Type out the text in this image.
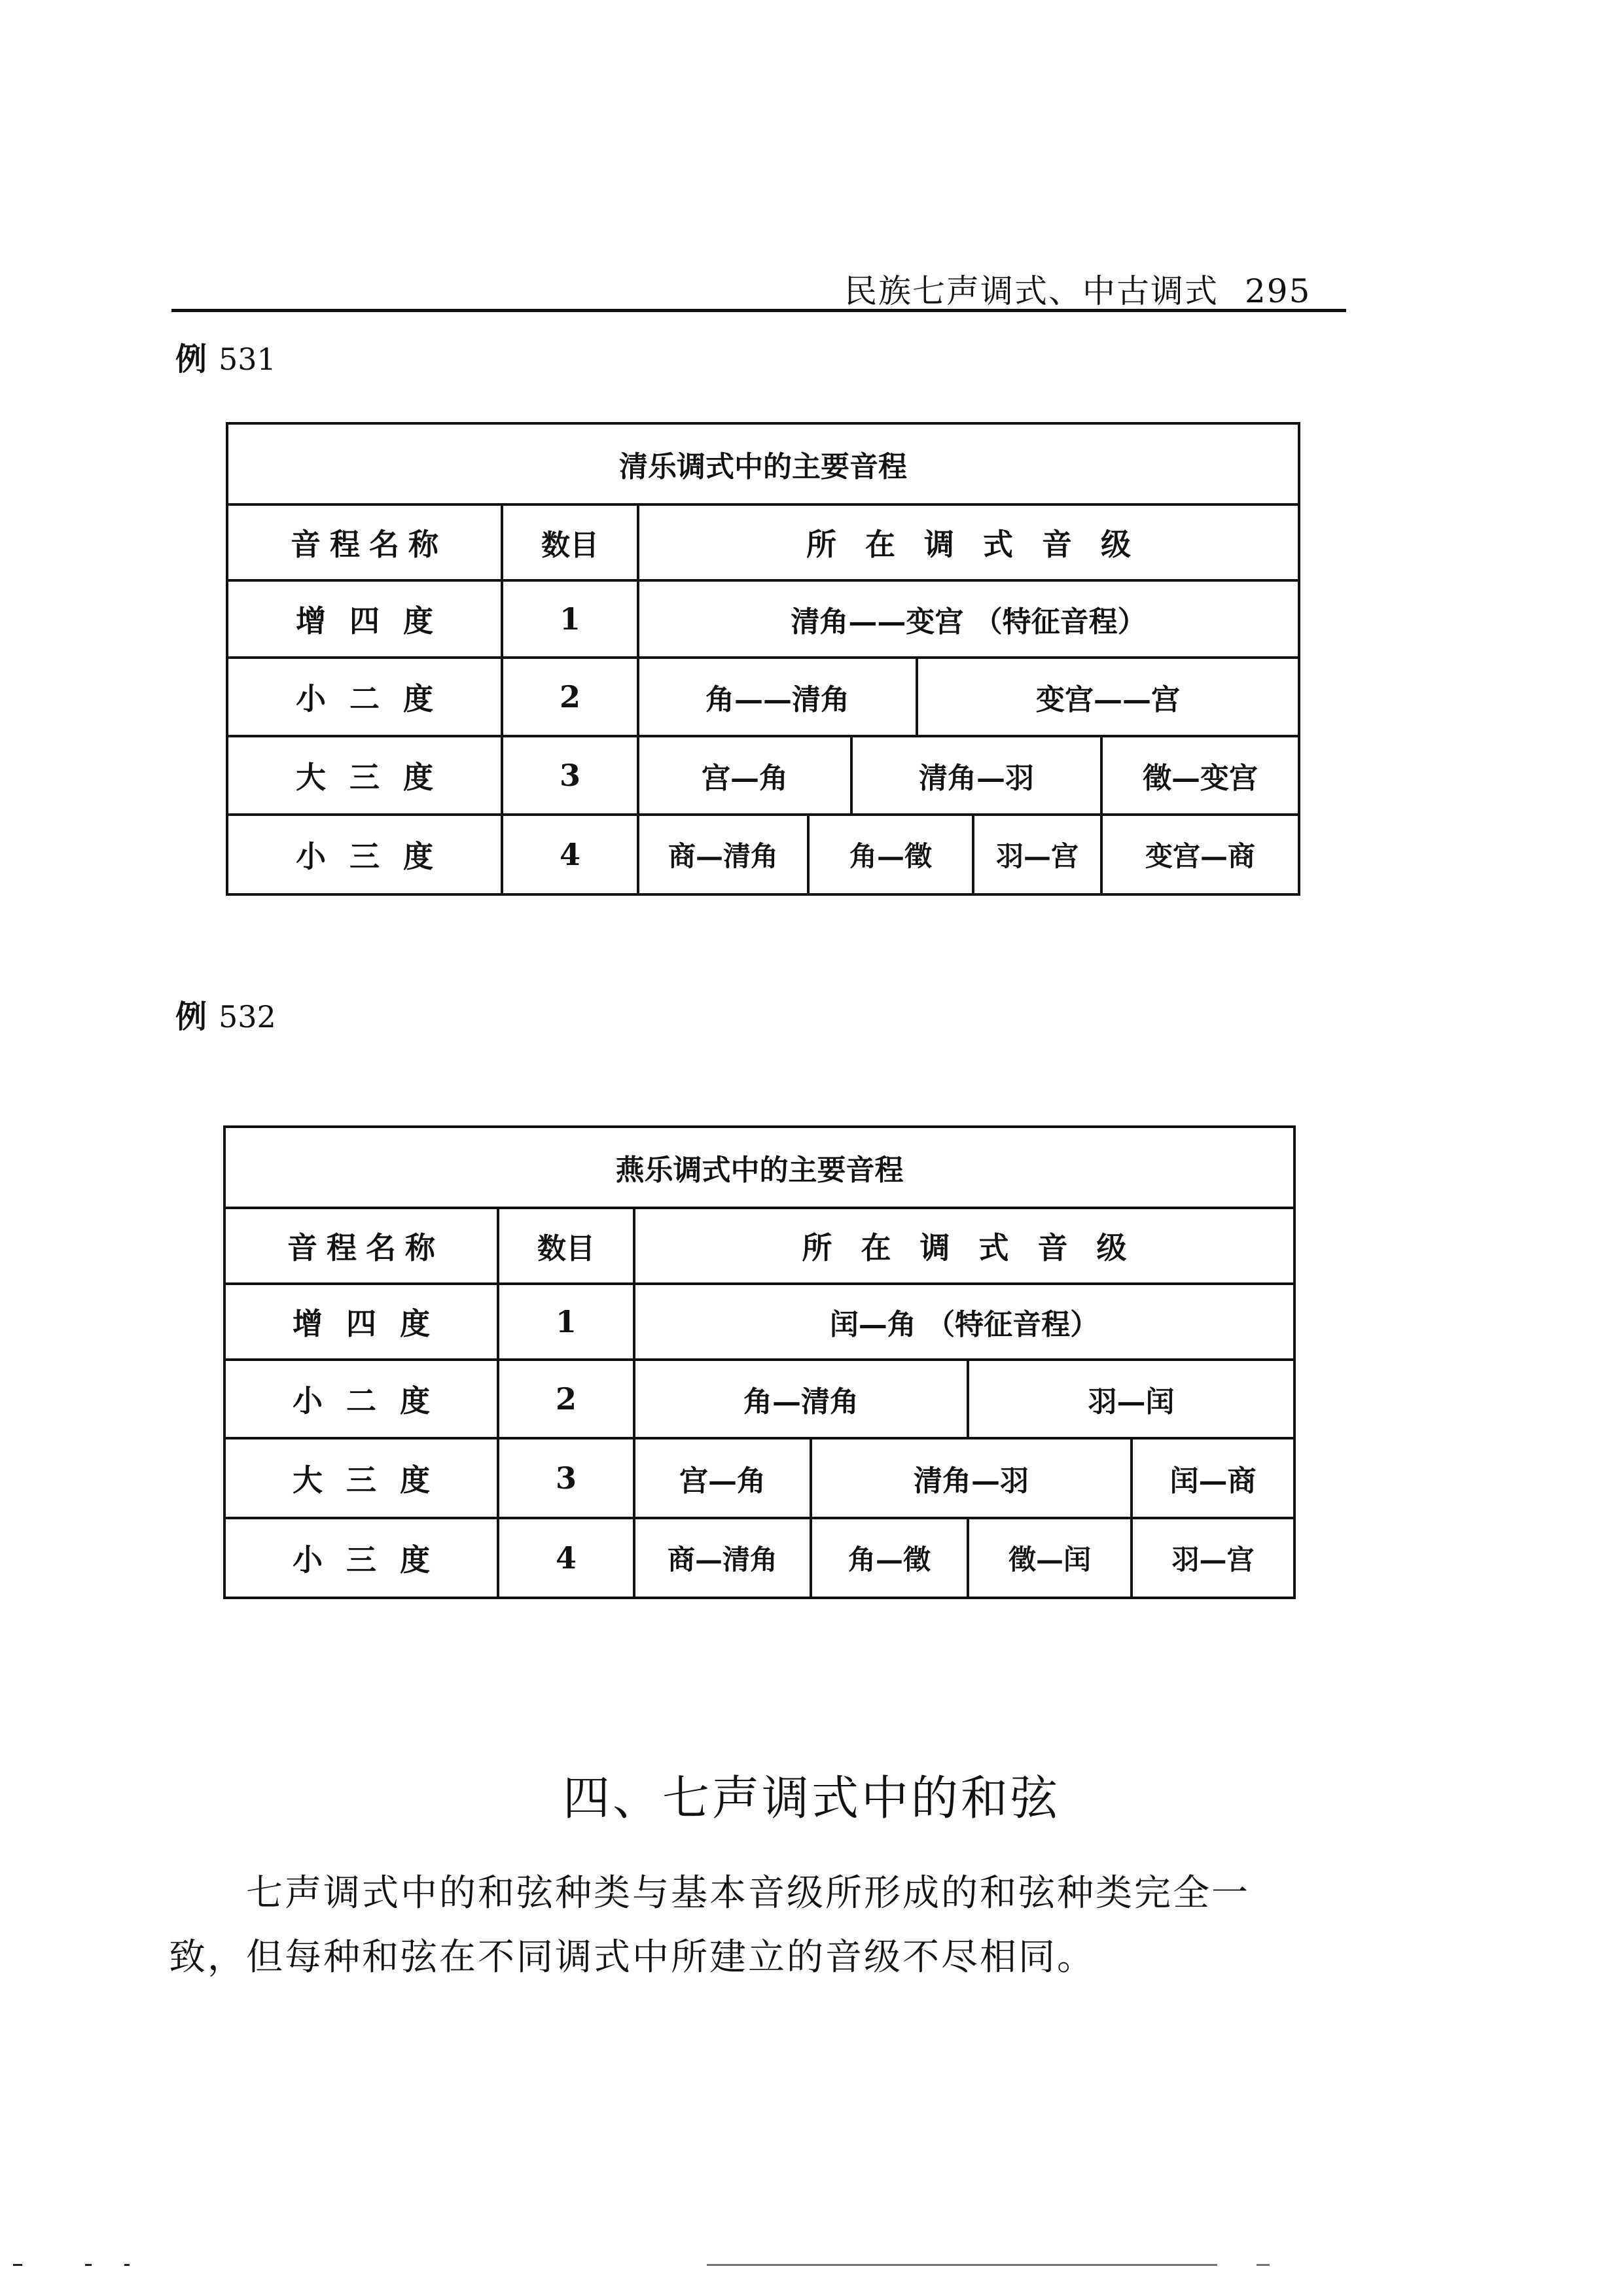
民族七声调式、中古调式 295
例 531
清乐调式中的主要音程							
音程名称	数目	所在调式音级					
增四度	1	清角——变宫 （特征音程）					
小二度	2	角——清角			变宫——宫		
大三度	3	宫—角		清角—羽			徵—变宫
小三度	4	商—清角	角—徵			羽—宫	变宫—商
例 532
燕乐调式中的主要音程					
音程名称	数目	所在调式音级			
增四度	1	闰—角 （特征音程）			
小二度	2	角—清角		羽—闰	
大三度	3	宫—角	清角—羽		闰—商
小三度	4	商—清角	角—徵	徵—闰	羽—宫
四、七声调式中的和弦
七声调式中的和弦种类与基本音级所形成的和弦种类完全一
致，但每种和弦在不同调式中所建立的音级不尽相同。
